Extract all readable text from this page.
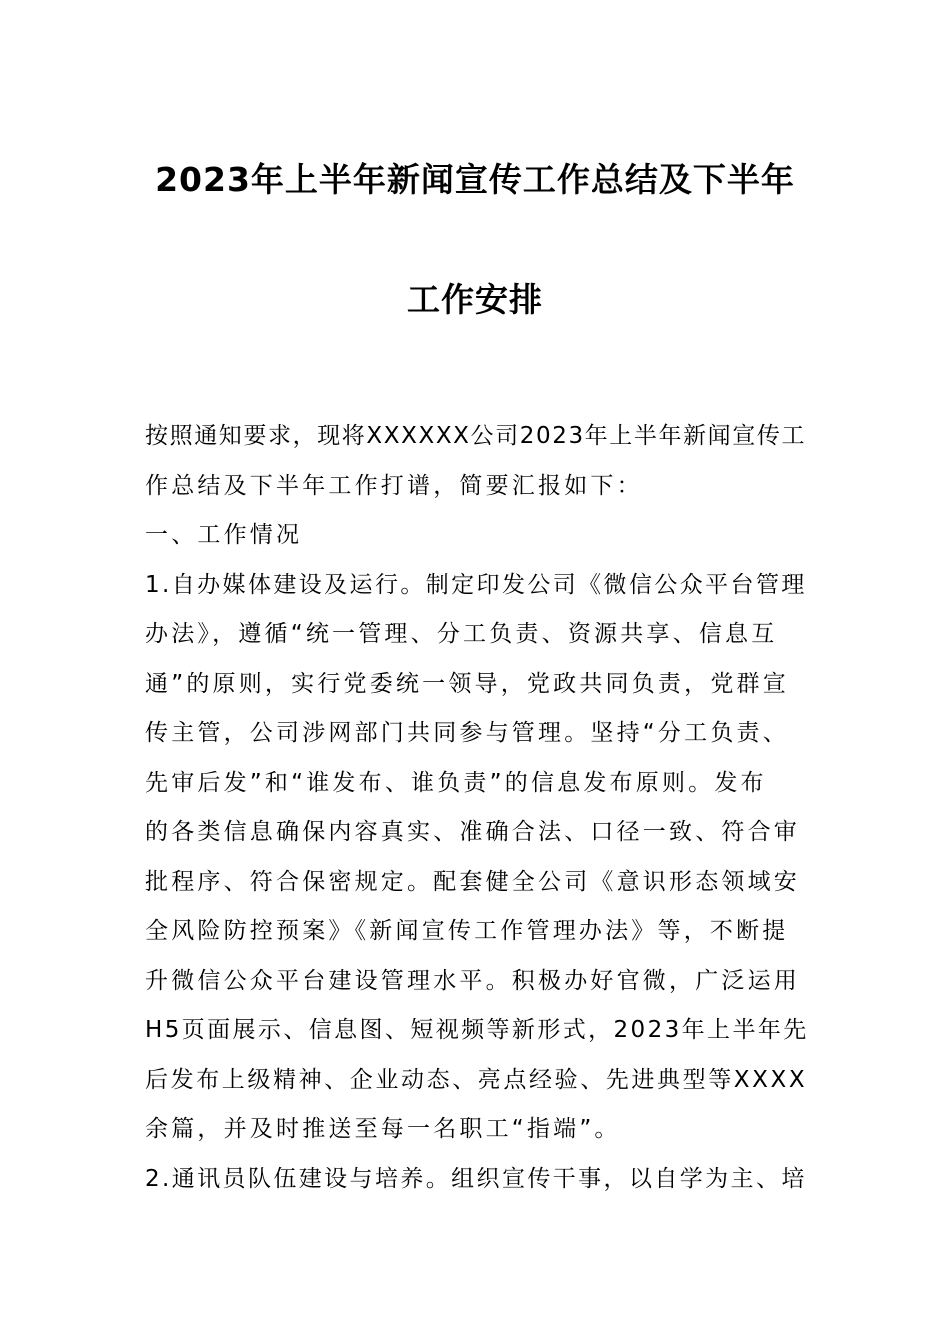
2023年上半年新闻宣传工作总结及下半年
工作安排
按照通知要求，现将XXXXXX公司2023年上半年新闻宣传工
作总结及下半年工作打谱，简要汇报如下：
一、工作情况
1.自办媒体建设及运行。制定印发公司《微信公众平台管理
办法》，遵循“统一管理、分工负责、资源共享、信息互
通”的原则，实行党委统一领导，党政共同负责，党群宣
传主管，公司涉网部门共同参与管理。坚持“分工负责、
先审后发”和“谁发布、谁负责”的信息发布原则。发布
的各类信息确保内容真实、准确合法、口径一致、符合审
批程序、符合保密规定。配套健全公司《意识形态领域安
全风险防控预案》《新闻宣传工作管理办法》等，不断提
升微信公众平台建设管理水平。积极办好官微，广泛运用
H5页面展示、信息图、短视频等新形式，2023年上半年先
后发布上级精神、企业动态、亮点经验、先进典型等XXXX
余篇，并及时推送至每一名职工“指端”。
2.通讯员队伍建设与培养。组织宣传干事，以自学为主、培
